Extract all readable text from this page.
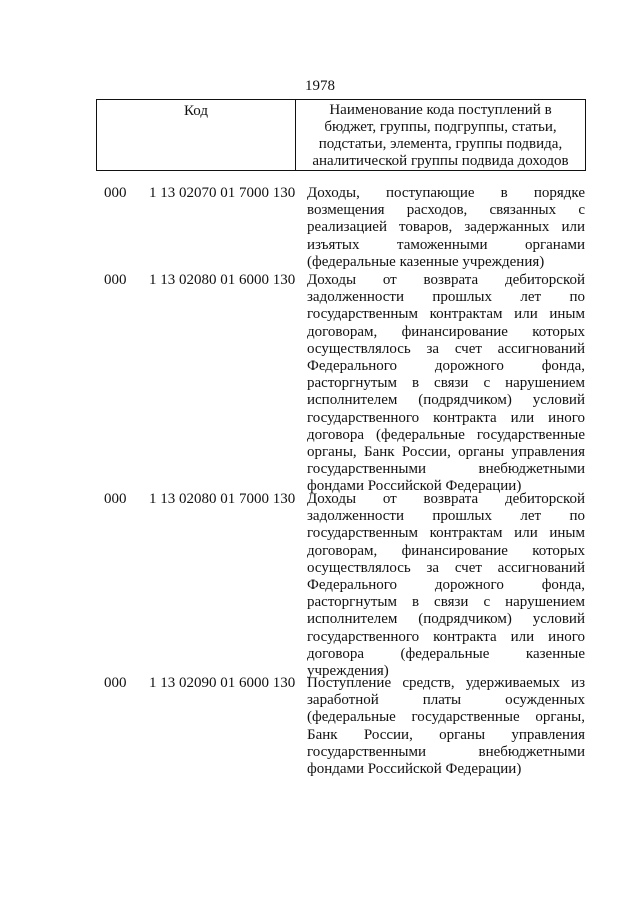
1978
Код	Наименование кода поступлений в бюджет, группы, подгруппы, статьи, подстатьи, элемента, группы подвида, аналитической группы подвида доходов
000	1 13 02070 01 7000 130 Доходы, поступающие в порядке возмещения расходов, связанных с реализацией товаров, задержанных или изъятых таможенными органами (федеральные казенные учреждения)
000	1 13 02080 01 6000 130 Доходы от возврата дебиторской задолженности прошлых лет по государственным контрактам или иным договорам, финансирование которых осуществлялось за счет ассигнований Федерального дорожного фонда, расторгнутым в связи с нарушением исполнителем (подрядчиком) условий государственного контракта или иного договора (федеральные государственные органы, Банк России, органы управления государственными внебюджетными фондами Российской Федерации)
000	1 13 02080 01 7000 130 Доходы от возврата дебиторской задолженности прошлых лет по государственным контрактам или иным договорам, финансирование которых осуществлялось за счет ассигнований Федерального дорожного фонда, расторгнутым в связи с нарушением исполнителем (подрядчиком) условий государственного контракта или иного договора (федеральные казенные учреждения)
000	1 13 02090 01 6000 130 Поступление средств, удерживаемых из заработной платы осужденных (федеральные государственные органы, Банк России, органы управления государственными внебюджетными фондами Российской Федерации)
